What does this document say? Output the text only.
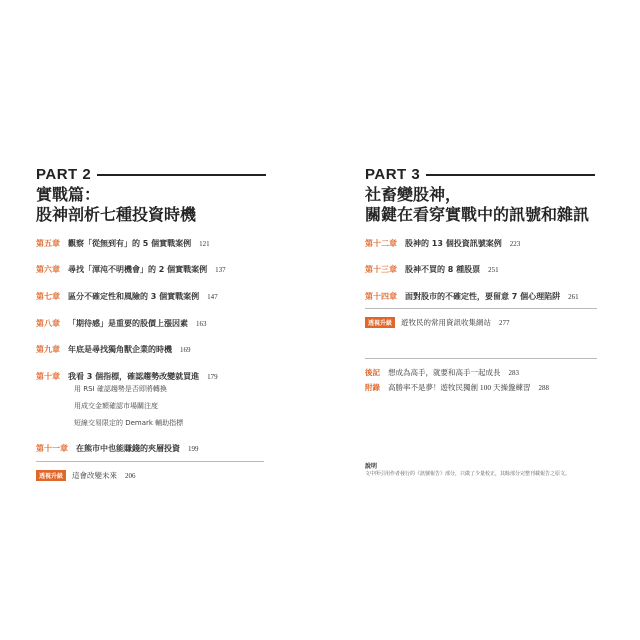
PART 2
實戰篇：
股神剖析七種投資時機
第五章 觀察「從無到有」的 5 個實戰案例 121
第六章 尋找「渾沌不明機會」的 2 個實戰案例 137
第七章 區分不確定性和風險的 3 個實戰案例 147
第八章 「期待感」是重要的股價上漲因素 163
第九章 年底是尋找獨角獸企業的時機 169
第十章 我看 3 個指標，確認趨勢改變就買進 179
用 RSI 確認趨勢是否即將轉換
用成交金額確認市場關注度
短線交易限定的 Demark 輔助指標
第十一章 在熊市中也能賺錢的夾層投資 199
透視升級	這會改變未來 206
PART 3
社畜變股神，
關鍵在看穿實戰中的訊號和雜訊
第十二章 股神的 13 個投資訊號案例 223
第十三章 股神不買的 8 種股票 251
第十四章 面對股市的不確定性，要留意 7 個心理陷阱 261
透視升級	遊牧民的常用資訊收集網站 277
後記 想成為高手，就要和高手一起成長 283
附錄 高勝率不是夢！遊牧民獨創 100 天操盤練習 288
說明
文中所引用作者發行的《訊號報告》部分，只做了少量校正，其餘部分完整刊載報告之原文。
